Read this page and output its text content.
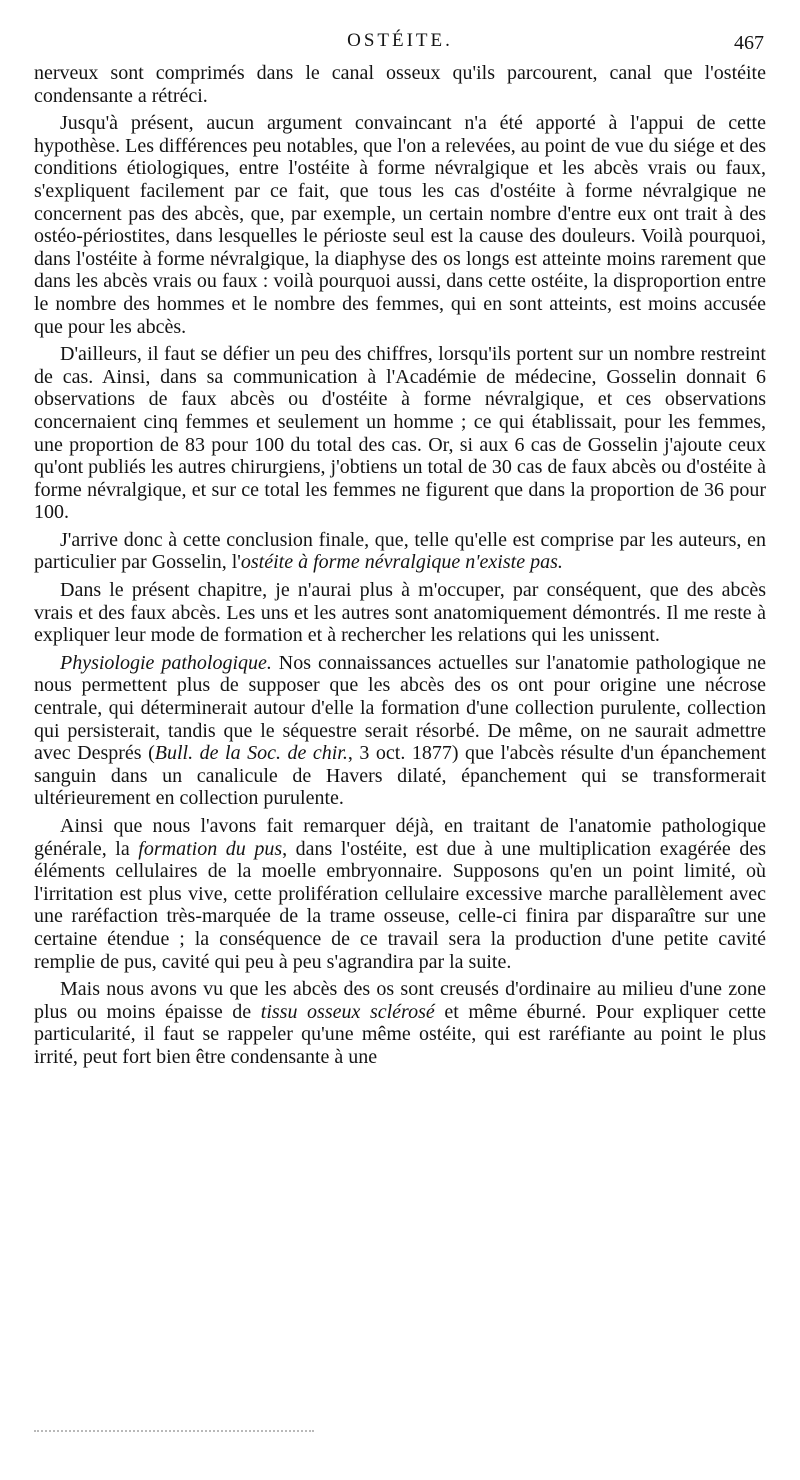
OSTÉITE.	467

nerveux sont comprimés dans le canal osseux qu'ils parcourent, canal que l'ostéite condensante a rétréci.

Jusqu'à présent, aucun argument convaincant n'a été apporté à l'appui de cette hypothèse. Les différences peu notables, que l'on a relevées, au point de vue du siége et des conditions étiologiques, entre l'ostéite à forme névralgique et les abcès vrais ou faux, s'expliquent facilement par ce fait, que tous les cas d'ostéite à forme névralgique ne concernent pas des abcès, que, par exemple, un certain nombre d'entre eux ont trait à des ostéo-périostites, dans lesquelles le périoste seul est la cause des douleurs. Voilà pourquoi, dans l'ostéite à forme névralgique, la diaphyse des os longs est atteinte moins rarement que dans les abcès vrais ou faux : voilà pourquoi aussi, dans cette ostéite, la disproportion entre le nombre des hommes et le nombre des femmes, qui en sont atteints, est moins accusée que pour les abcès.

D'ailleurs, il faut se défier un peu des chiffres, lorsqu'ils portent sur un nombre restreint de cas. Ainsi, dans sa communication à l'Académie de médecine, Gosselin donnait 6 observations de faux abcès ou d'ostéite à forme névralgique, et ces observations concernaient cinq femmes et seulement un homme ; ce qui établissait, pour les femmes, une proportion de 83 pour 100 du total des cas. Or, si aux 6 cas de Gosselin j'ajoute ceux qu'ont publiés les autres chirurgiens, j'obtiens un total de 30 cas de faux abcès ou d'ostéite à forme névralgique, et sur ce total les femmes ne figurent que dans la proportion de 36 pour 100.

J'arrive donc à cette conclusion finale, que, telle qu'elle est comprise par les auteurs, en particulier par Gosselin, l'ostéite à forme névralgique n'existe pas.

Dans le présent chapitre, je n'aurai plus à m'occuper, par conséquent, que des abcès vrais et des faux abcès. Les uns et les autres sont anatomiquement démontrés. Il me reste à expliquer leur mode de formation et à rechercher les relations qui les unissent.

Physiologie pathologique. Nos connaissances actuelles sur l'anatomie pathologique ne nous permettent plus de supposer que les abcès des os ont pour origine une nécrose centrale, qui déterminerait autour d'elle la formation d'une collection purulente, collection qui persisterait, tandis que le séquestre serait résorbé. De même, on ne saurait admettre avec Després (Bull. de la Soc. de chir., 3 oct. 1877) que l'abcès résulte d'un épanchement sanguin dans un canalicule de Havers dilaté, épanchement qui se transformerait ultérieurement en collection purulente.

Ainsi que nous l'avons fait remarquer déjà, en traitant de l'anatomie pathologique générale, la formation du pus, dans l'ostéite, est due à une multiplication exagérée des éléments cellulaires de la moelle embryonnaire. Supposons qu'en un point limité, où l'irritation est plus vive, cette prolifération cellulaire excessive marche parallèlement avec une raréfaction très-marquée de la trame osseuse, celle-ci finira par disparaître sur une certaine étendue ; la conséquence de ce travail sera la production d'une petite cavité remplie de pus, cavité qui peu à peu s'agrandira par la suite.

Mais nous avons vu que les abcès des os sont creusés d'ordinaire au milieu d'une zone plus ou moins épaisse de tissu osseux sclérosé et même éburné. Pour expliquer cette particularité, il faut se rappeler qu'une même ostéite, qui est raréfiante au point le plus irrité, peut fort bien être condensante à une
